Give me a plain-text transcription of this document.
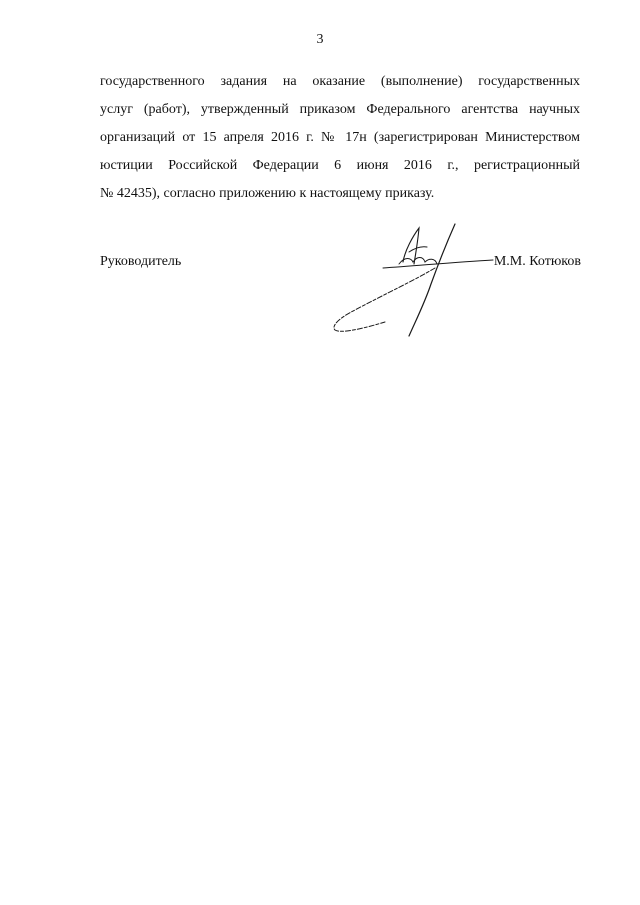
3

государственного задания на оказание (выполнение) государственных
услуг (работ), утвержденный приказом Федерального агентства научных
организаций от 15 апреля 2016 г. № 17н (зарегистрирован Министерством
юстиции Российской Федерации 6 июня 2016 г., регистрационный
№ 42435), согласно приложению к настоящему приказу.

Руководитель	М.М. Котюков
